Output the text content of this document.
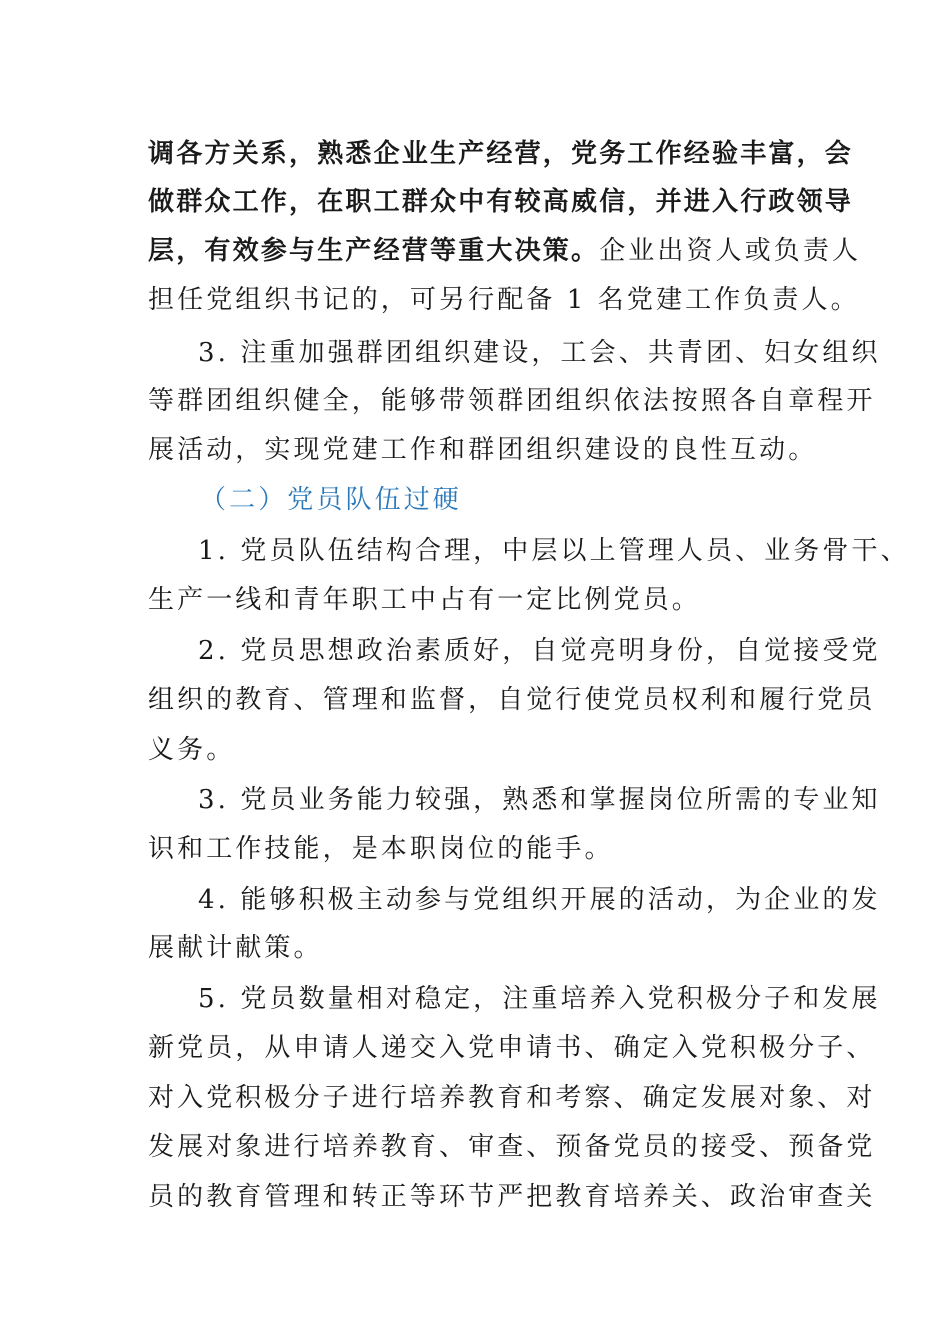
调各方关系，熟悉企业生产经营，党务工作经验丰富，会
做群众工作，在职工群众中有较高威信，并进入行政领导
层，有效参与生产经营等重大决策。企业出资人或负责人
担任党组织书记的，可另行配备 1 名党建工作负责人。
3. 注重加强群团组织建设，工会、共青团、妇女组织
等群团组织健全，能够带领群团组织依法按照各自章程开
展活动，实现党建工作和群团组织建设的良性互动。
（二）党员队伍过硬
1. 党员队伍结构合理，中层以上管理人员、业务骨干、
生产一线和青年职工中占有一定比例党员。
2. 党员思想政治素质好，自觉亮明身份，自觉接受党
组织的教育、管理和监督，自觉行使党员权利和履行党员
义务。
3. 党员业务能力较强，熟悉和掌握岗位所需的专业知
识和工作技能，是本职岗位的能手。
4. 能够积极主动参与党组织开展的活动，为企业的发
展献计献策。
5. 党员数量相对稳定，注重培养入党积极分子和发展
新党员，从申请人递交入党申请书、确定入党积极分子、
对入党积极分子进行培养教育和考察、确定发展对象、对
发展对象进行培养教育、审查、预备党员的接受、预备党
员的教育管理和转正等环节严把教育培养关、政治审查关
